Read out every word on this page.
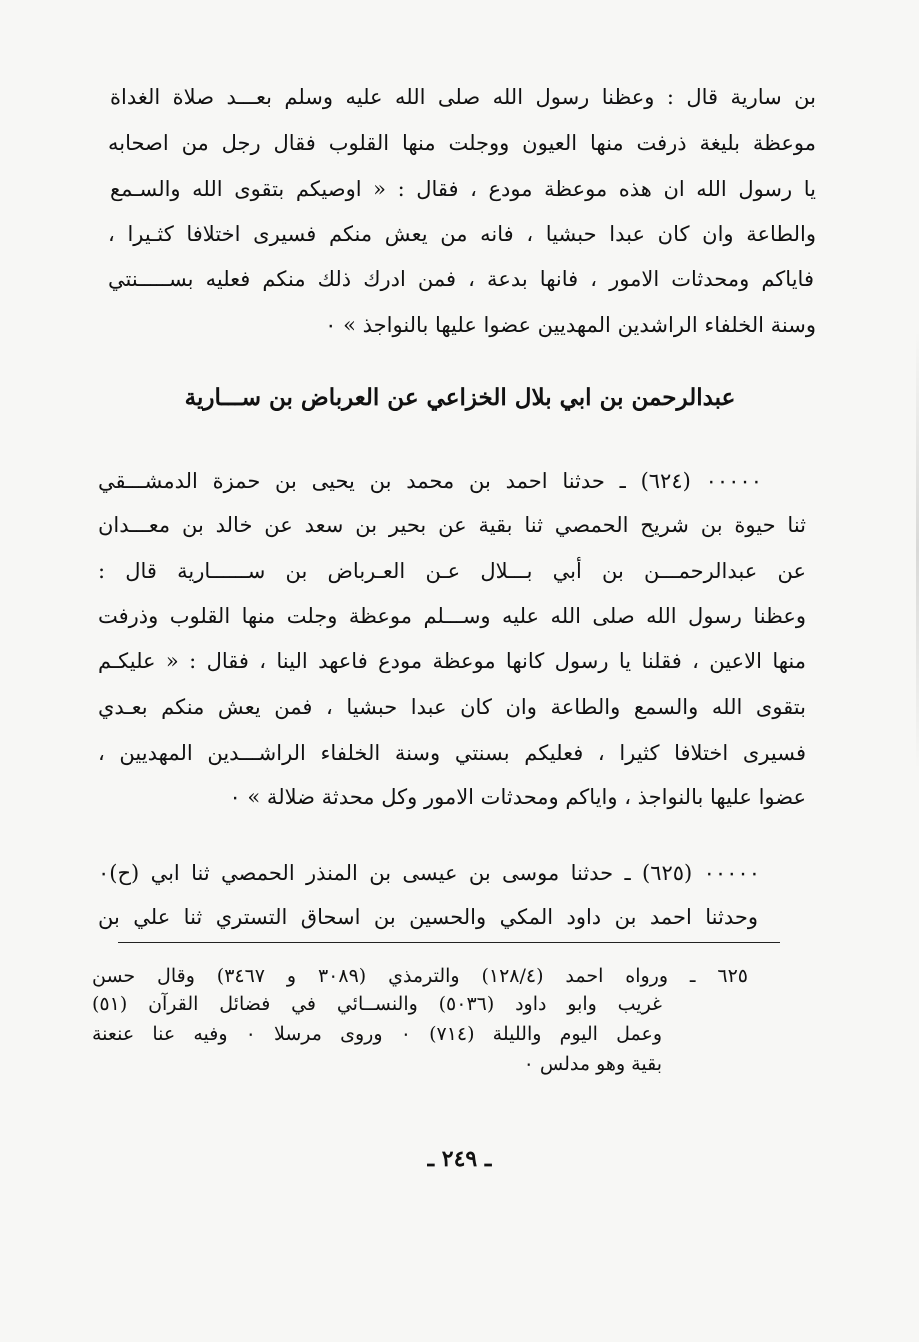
بن سارية قال : وعظنا رسول الله صلى الله عليه وسلم بعـــد صلاة الغداة
موعظة بليغة ذرفت منها العيون ووجلت منها القلوب فقال رجل من اصحابه
يا رسول الله ان هذه موعظة مودع ، فقال : « اوصيكم بتقوى الله والسـمع
والطاعة وان كان عبدا حبشيا ، فانه من يعش منكم فسيرى اختلافا كثـيرا ،
فاياكم ومحدثات الامور ، فانها بدعة ، فمن ادرك ذلك منكم فعليه بســـــنتي
وسنة الخلفاء الراشدين المهديين عضوا عليها بالنواجذ » ٠
عبدالرحمن بن ابي بلال الخزاعي عن العرباض بن ســـارية
٠٠٠٠٠ (٦٢٤) ـ حدثنا احمد بن محمد بن يحيى بن حمزة الدمشـــقي
ثنا حيوة بن شريح الحمصي ثنا بقية عن بحير بن سعد عن خالد بن معـــدان
عن عبدالرحمـــن بن أبي بـــلال عـن العـرباض بن ســــــارية قال :
وعظنا رسول الله صلى الله عليه وســـلم موعظة وجلت منها القلوب وذرفت
منها الاعين ، فقلنا يا رسول كانها موعظة مودع فاعهد الينا ، فقال : « عليكـم
بتقوى الله والسمع والطاعة وان كان عبدا حبشيا ، فمن يعش منكم بعـدي
فسيرى اختلافا كثيرا ، فعليكم بسنتي وسنة الخلفاء الراشـــدين المهديين ،
عضوا عليها بالنواجذ ، واياكم ومحدثات الامور وكل محدثة ضلالة » ٠
٠٠٠٠٠ (٦٢٥) ـ حدثنا موسى بن عيسى بن المنذر الحمصي ثنا ابي (ح)٠
وحدثنا احمد بن داود المكي والحسين بن اسحاق التستري ثنا علي بن
٦٢٥ ـ ورواه احمد (١٢٨/٤) والترمذي (٣٠٨٩ و ٣٤٦٧) وقال حسن
غريب وابو داود (٥٠٣٦) والنســائي في فضائل القرآن (٥١)
وعمل اليوم والليلة (٧١٤) ٠ وروى مرسلا ٠ وفيه عنا عنعنة
بقية وهو مدلس ٠
ـ ٢٤٩ ـ
